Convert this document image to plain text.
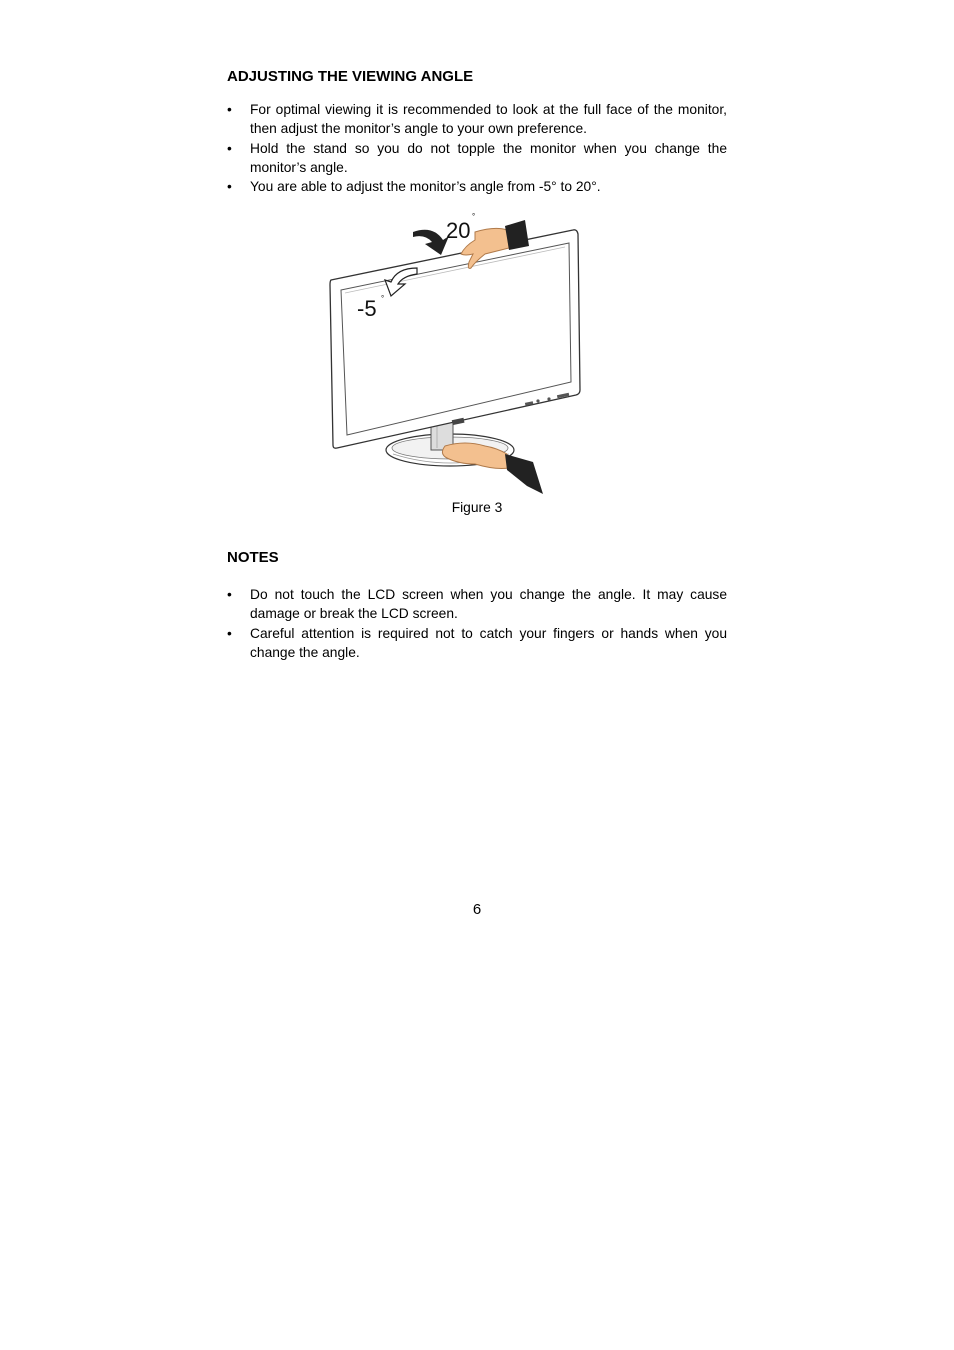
ADJUSTING THE VIEWING ANGLE
• For optimal viewing it is recommended to look at the full face of the monitor, then adjust the monitor’s angle to your own preference.
• Hold the stand so you do not topple the monitor when you change the monitor’s angle.
• You are able to adjust the monitor’s angle from -5° to 20°.
20
°
-5 °
Figure 3
NOTES
• Do not touch the LCD screen when you change the angle. It may cause damage or break the LCD screen.
• Careful attention is required not to catch your fingers or hands when you change the angle.
6
